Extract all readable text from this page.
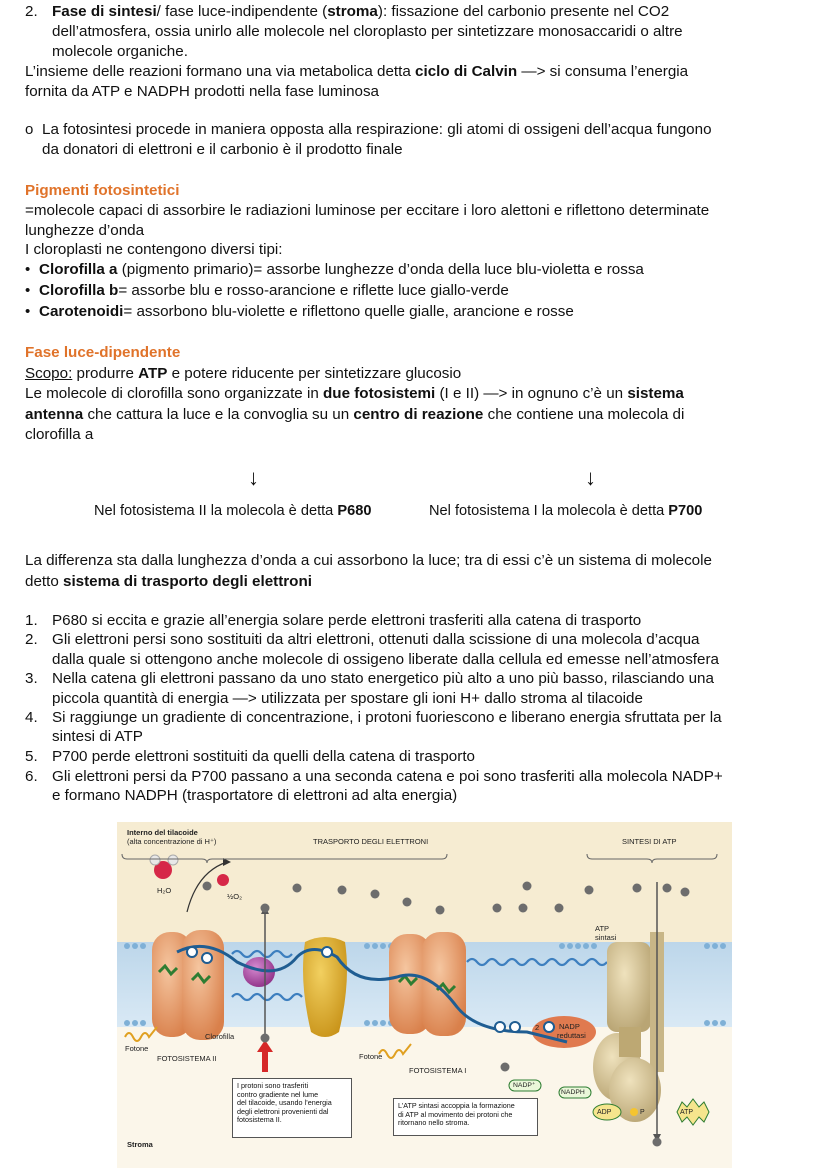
2. Fase di sintesi/ fase luce-indipendente (stroma): fissazione del carbonio presente nel CO2

dell’atmosfera, ossia unirlo alle molecole nel cloroplasto per sintetizzare monosaccaridi o altre

molecole organiche.

L’insieme delle reazioni formano una via metabolica detta ciclo di Calvin —> si consuma l’energia

fornita da ATP e NADPH prodotti nella fase luminosa

o La fotosintesi procede in maniera opposta alla respirazione: gli atomi di ossigeni dell’acqua fungono

da donatori di elettroni e il carbonio è il prodotto finale

Pigmenti fotosintetici

=molecole capaci di assorbire le radiazioni luminose per eccitare i loro alettoni e riflettono determinate

lunghezze d’onda

I cloroplasti ne contengono diversi tipi:

• Clorofilla a (pigmento primario)= assorbe lunghezze d’onda della luce blu-violetta e rossa

• Clorofilla b= assorbe blu e rosso-arancione e riflette luce giallo-verde

• Carotenoidi= assorbono blu-violette e riflettono quelle gialle, arancione e rosse

Fase luce-dipendente

Scopo: produrre ATP e potere riducente per sintetizzare glucosio

Le molecole di clorofilla sono organizzate in due fotosistemi (I e II) —> in ognuno c’è un sistema

antenna che cattura la luce e la convoglia su un centro di reazione che contiene una molecola di

clorofilla a

↓	↓

Nel fotosistema II la molecola è detta P680	Nel fotosistema I la molecola è detta P700

La differenza sta dalla lunghezza d’onda a cui assorbono la luce; tra di essi c’è un sistema di molecole

detto sistema di trasporto degli elettroni

1. P680 si eccita e grazie all’energia solare perde elettroni trasferiti alla catena di trasporto

2. Gli elettroni persi sono sostituiti da altri elettroni, ottenuti dalla scissione di una molecola d’acqua

dalla quale si ottengono anche molecole di ossigeno liberate dalla cellula ed emesse nell’atmosfera

3. Nella catena gli elettroni passano da uno stato energetico più alto a uno più basso, rilasciando una

piccola quantità di energia —> utilizzata per spostare gli ioni H+ dallo stroma al tilacoide

4. Si raggiunge un gradiente di concentrazione, i protoni fuoriescono e liberano energia sfruttata per la

sintesi di ATP

5. P700 perde elettroni sostituiti da quelli della catena di trasporto

6. Gli elettroni persi da P700 passano a una seconda catena e poi sono trasferiti alla molecola NADP+

e formano NADPH (trasportatore di elettroni ad alta energia)

Interno del tilacoide
(alta concentrazione di H⁺)	TRASPORTO DEGLI ELETTRONI	SINTESI DI ATP
H₂O
½O₂
ATP
sintasi
Clorofilla
Fotone
FOTOSISTEMA II	Fotone
FOTOSISTEMA I
NADP
reduttasi
2
NADP⁺
NADPH
ADP	P	ATP
Stroma
I protoni sono trasferiti
contro gradiente nel lume
del tilacoide, usando l’energia
degli elettroni provenienti dal
fotosistema II.
L’ATP sintasi accoppia la formazione
di ATP al movimento dei protoni che
ritornano nello stroma.
